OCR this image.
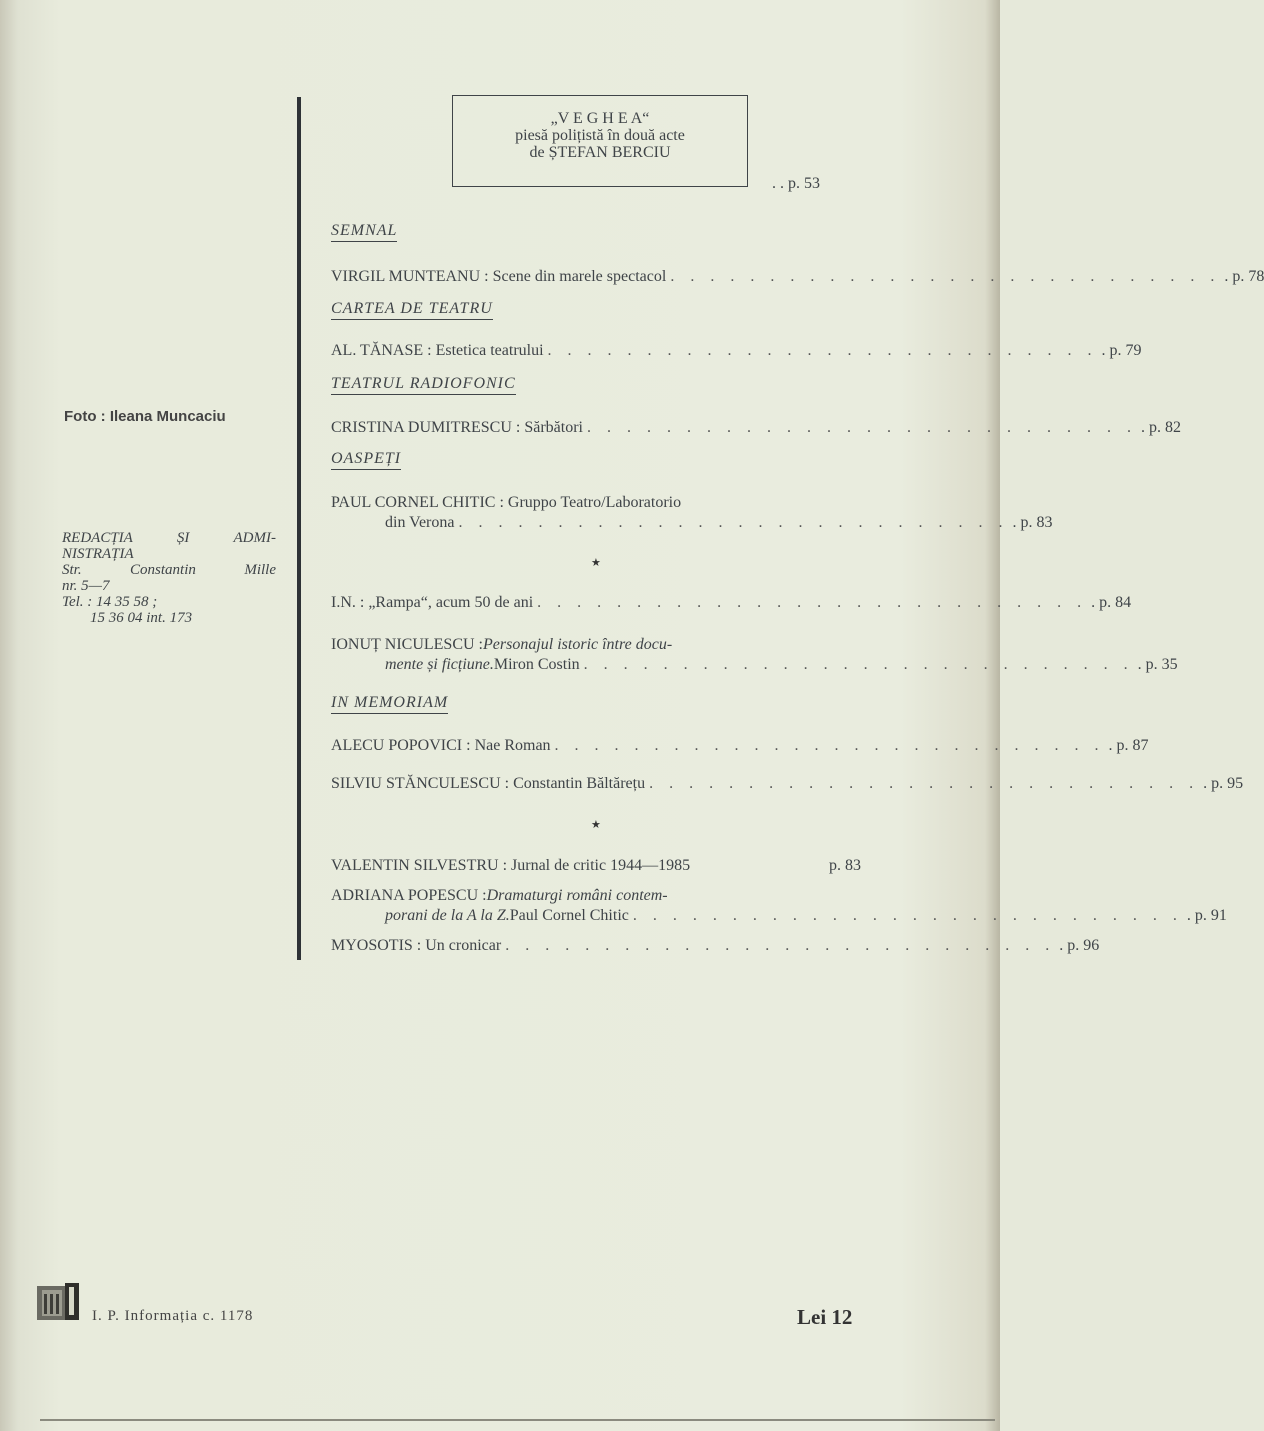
Foto : Ileana Muncaciu
REDACȚIA	ȘI	ADMI-
NISTRAȚIA
Str.	Constantin	Mille
nr. 5—7
Tel. : 14 35 58 ;
15 36 04 int. 173
„V E G H E A“
piesă polițistă în două acte
de ȘTEFAN BERCIU
. . p. 53
SEMNAL
VIRGIL MUNTEANU : Scene din marele spectacol . . . . . . . . . . . . . . . . . . . . . . . . . . . . . p. 78
CARTEA DE TEATRU
AL. TĂNASE : Estetica teatrului . . . . . . . . . . . . . . . . . . . . . . . . . . . . . p. 79
TEATRUL RADIOFONIC
CRISTINA DUMITRESCU : Sărbători . . . . . . . . . . . . . . . . . . . . . . . . . . . . . p. 82
OASPEȚI
PAUL CORNEL CHITIC : Gruppo Teatro/Laboratorio
din Verona . . . . . . . . . . . . . . . . . . . . . . . . . . . . . p. 83
★
I.N. : „Rampa“, acum 50 de ani . . . . . . . . . . . . . . . . . . . . . . . . . . . . . p. 84
IONUȚ NICULESCU : Personajul istoric între docu-
mente și ficțiune. Miron Costin . . . . . . . . . . . . . . . . . . . . . . . . . . . . . p. 35
IN MEMORIAM
ALECU POPOVICI : Nae Roman . . . . . . . . . . . . . . . . . . . . . . . . . . . . . p. 87
SILVIU STĂNCULESCU : Constantin Băltărețu . . . . . . . . . . . . . . . . . . . . . . . . . . . . . p. 95
★
VALENTIN SILVESTRU : Jurnal de critic 1944—1985	p. 83
ADRIANA POPESCU : Dramaturgi români contem-
porani de la A la Z. Paul Cornel Chitic . . . . . . . . . . . . . . . . . . . . . . . . . . . . . p. 91
MYOSOTIS : Un cronicar . . . . . . . . . . . . . . . . . . . . . . . . . . . . . p. 96
I. P. Informația c. 1178	Lei 12
